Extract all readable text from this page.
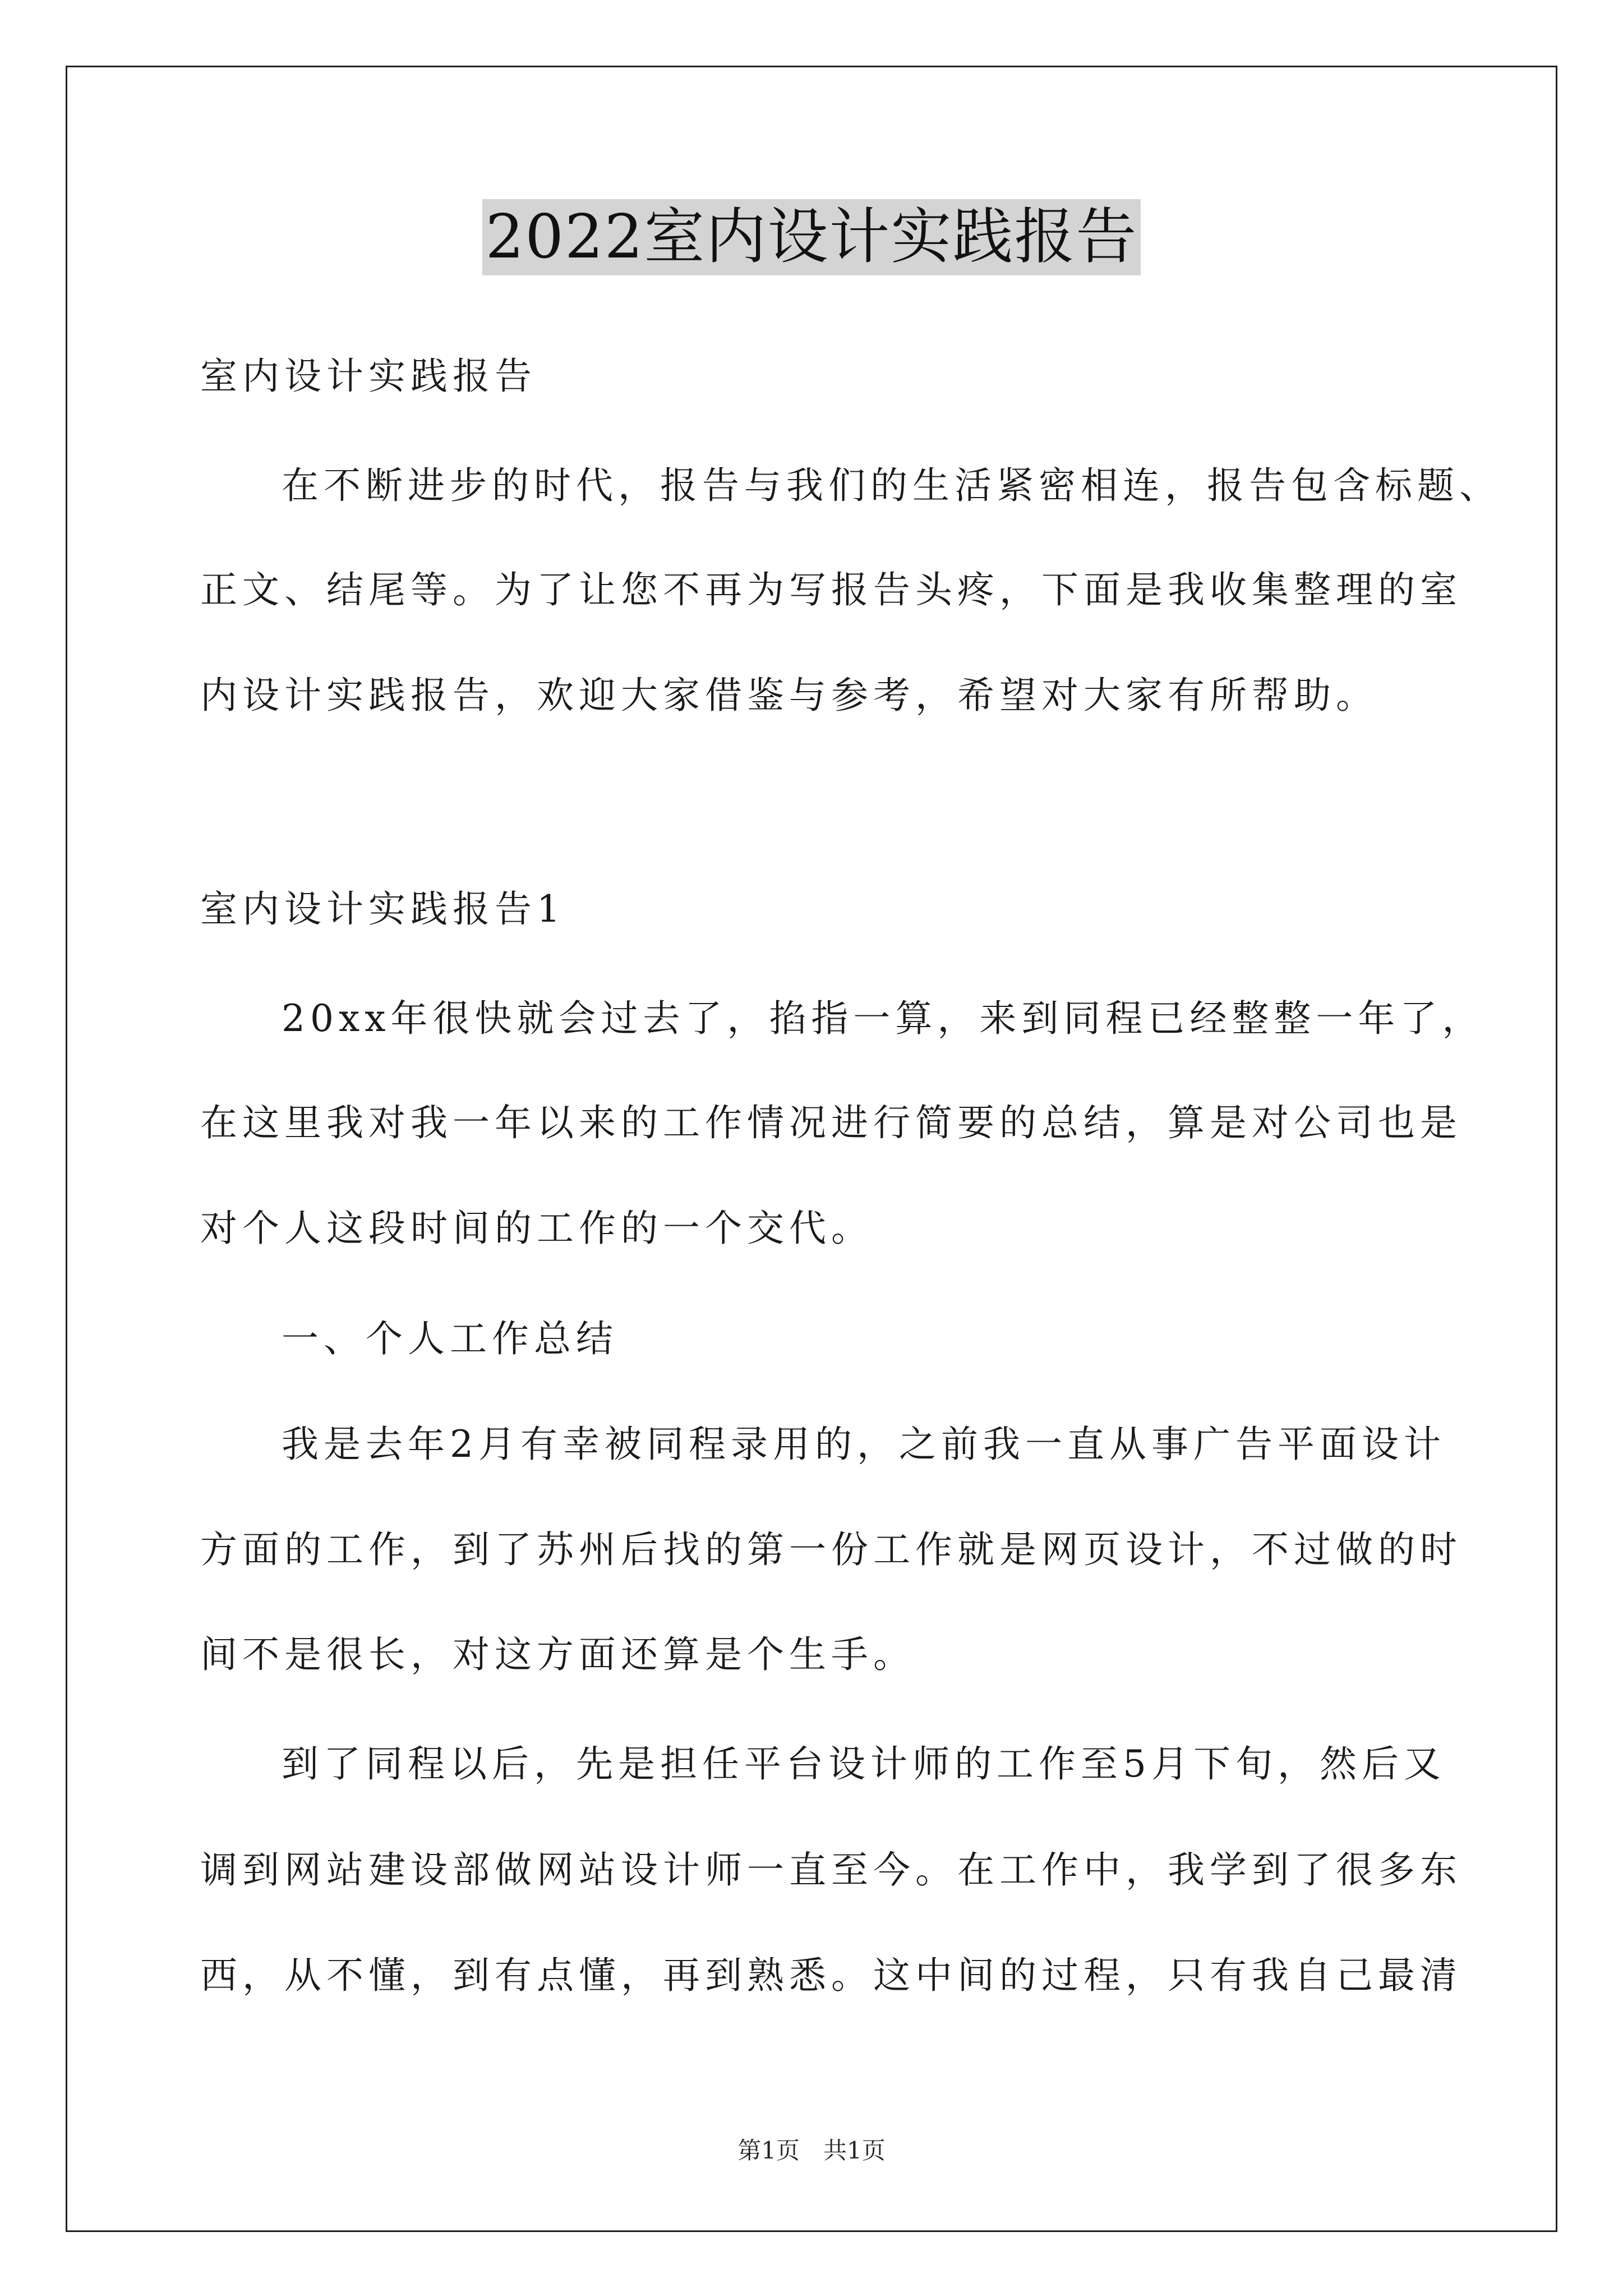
2022室内设计实践报告
室内设计实践报告
在不断进步的时代，报告与我们的生活紧密相连，报告包含标题、
正文、结尾等。为了让您不再为写报告头疼，下面是我收集整理的室
内设计实践报告，欢迎大家借鉴与参考，希望对大家有所帮助。
室内设计实践报告1
20xx年很快就会过去了，掐指一算，来到同程已经整整一年了，
在这里我对我一年以来的工作情况进行简要的总结，算是对公司也是
对个人这段时间的工作的一个交代。
一、个人工作总结
我是去年2月有幸被同程录用的，之前我一直从事广告平面设计
方面的工作，到了苏州后找的第一份工作就是网页设计，不过做的时
间不是很长，对这方面还算是个生手。
到了同程以后，先是担任平台设计师的工作至5月下旬，然后又
调到网站建设部做网站设计师一直至今。在工作中，我学到了很多东
西，从不懂，到有点懂，再到熟悉。这中间的过程，只有我自己最清
第1页 共1页
